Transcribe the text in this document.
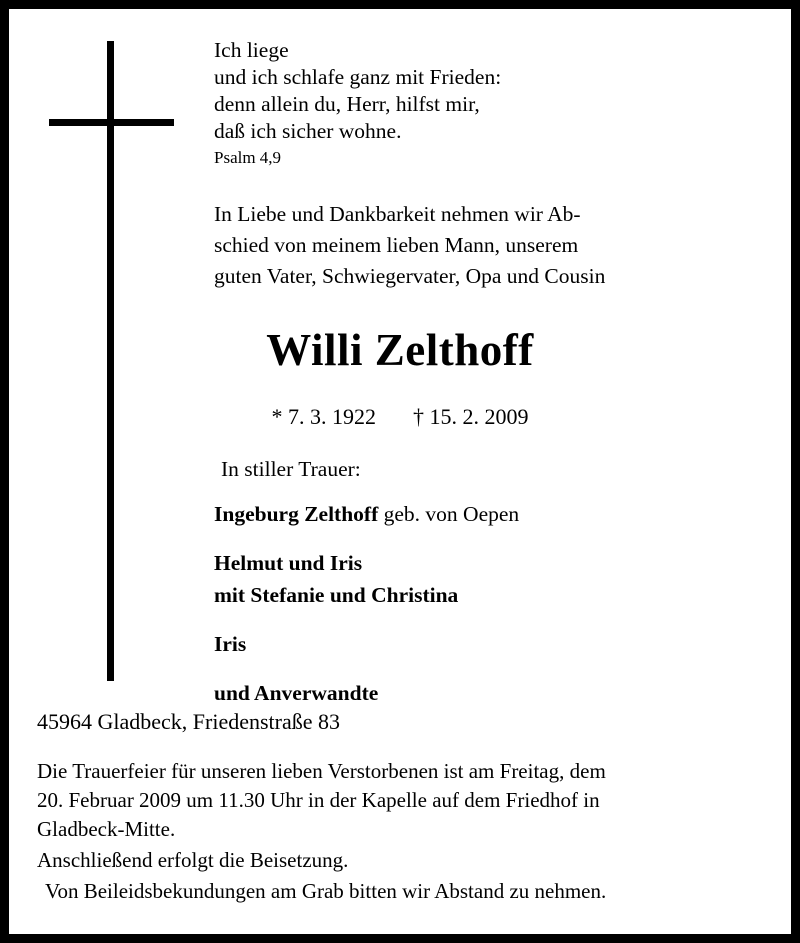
Ich liege
und ich schlafe ganz mit Frieden:
denn allein du, Herr, hilfst mir,
daß ich sicher wohne.
Psalm 4,9
In Liebe und Dankbarkeit nehmen wir Ab-
schied von meinem lieben Mann, unserem
guten Vater, Schwiegervater, Opa und Cousin
Willi Zelthoff
* 7. 3. 1922 † 15. 2. 2009
In stiller Trauer:
Ingeburg Zelthoff geb. von Oepen
Helmut und Iris
mit Stefanie und Christina
Iris
und Anverwandte
45964 Gladbeck, Friedenstraße 83
Die Trauerfeier für unseren lieben Verstorbenen ist am Freitag, dem
20. Februar 2009 um 11.30 Uhr in der Kapelle auf dem Friedhof in
Gladbeck-Mitte.
Anschließend erfolgt die Beisetzung.
Von Beileidsbekundungen am Grab bitten wir Abstand zu nehmen.
